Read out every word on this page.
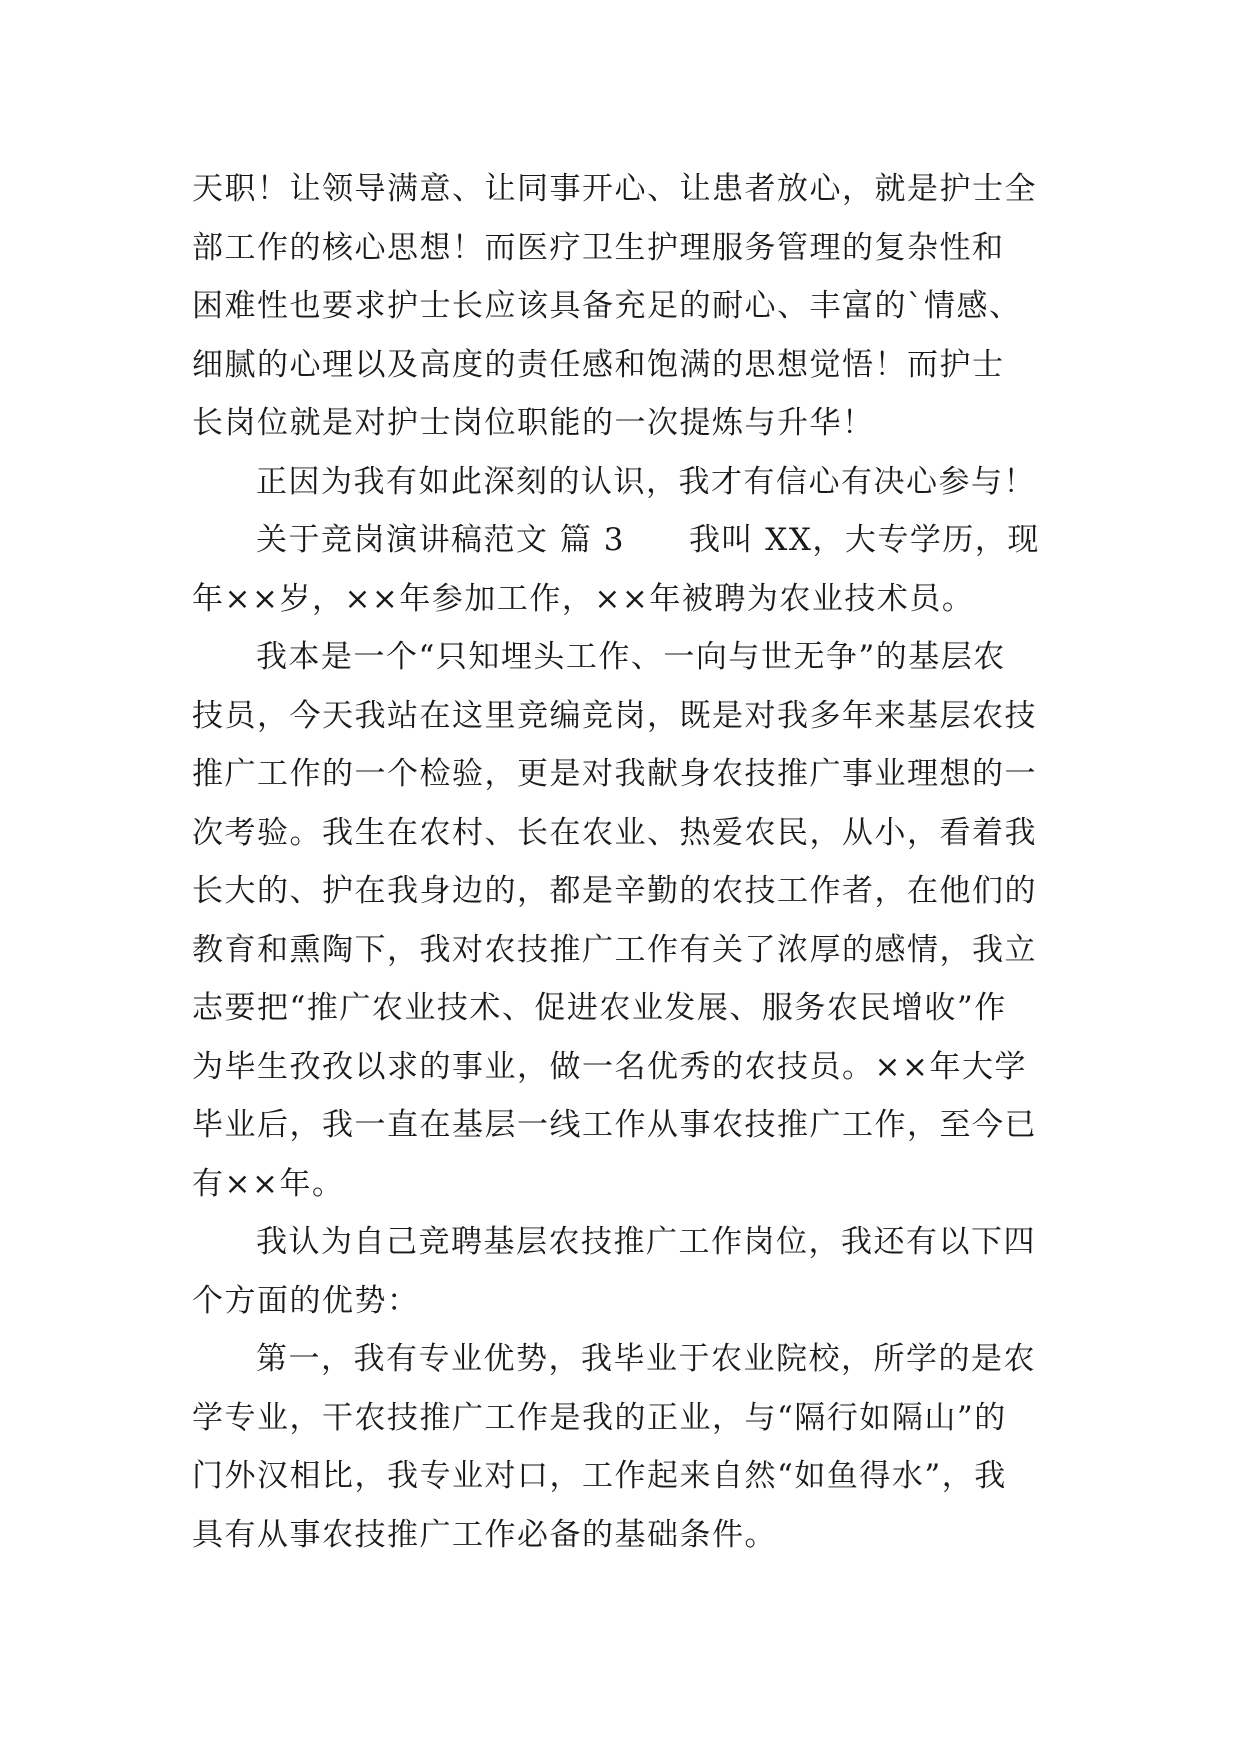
天职！让领导满意、让同事开心、让患者放心，就是护士全
部工作的核心思想！而医疗卫生护理服务管理的复杂性和
困难性也要求护士长应该具备充足的耐心、丰富的`情感、
细腻的心理以及高度的责任感和饱满的思想觉悟！而护士
长岗位就是对护士岗位职能的一次提炼与升华！
正因为我有如此深刻的认识，我才有信心有决心参与！
关于竞岗演讲稿范文 篇 3 我叫 XX，大专学历，现
年××岁，××年参加工作，××年被聘为农业技术员。
我本是一个“只知埋头工作、一向与世无争”的基层农
技员，今天我站在这里竞编竞岗，既是对我多年来基层农技
推广工作的一个检验，更是对我献身农技推广事业理想的一
次考验。我生在农村、长在农业、热爱农民，从小，看着我
长大的、护在我身边的，都是辛勤的农技工作者，在他们的
教育和熏陶下，我对农技推广工作有关了浓厚的感情，我立
志要把“推广农业技术、促进农业发展、服务农民增收”作
为毕生孜孜以求的事业，做一名优秀的农技员。××年大学
毕业后，我一直在基层一线工作从事农技推广工作，至今已
有××年。
我认为自己竞聘基层农技推广工作岗位，我还有以下四
个方面的优势：
第一，我有专业优势，我毕业于农业院校，所学的是农
学专业，干农技推广工作是我的正业，与“隔行如隔山”的
门外汉相比，我专业对口，工作起来自然“如鱼得水”，我
具有从事农技推广工作必备的基础条件。
